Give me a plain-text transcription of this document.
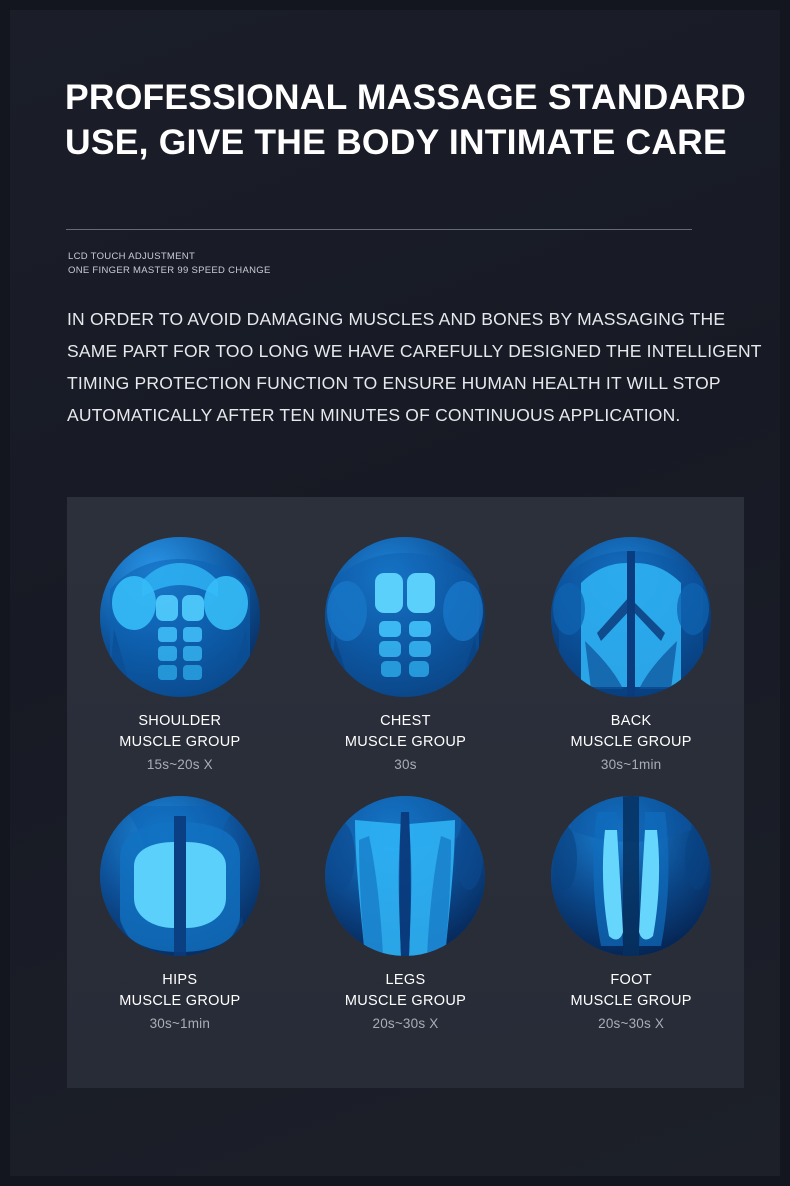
PROFESSIONAL MASSAGE STANDARD
USE, GIVE THE BODY INTIMATE CARE
LCD TOUCH ADJUSTMENT
ONE FINGER MASTER 99 SPEED CHANGE
IN ORDER TO AVOID DAMAGING MUSCLES AND BONES BY MASSAGING THE SAME PART FOR TOO LONG WE HAVE CAREFULLY DESIGNED THE INTELLIGENT TIMING PROTECTION FUNCTION TO ENSURE HUMAN HEALTH IT WILL STOP AUTOMATICALLY AFTER TEN MINUTES OF CONTINUOUS APPLICATION.
SHOULDER
MUSCLE GROUP
15s~20s X
CHEST
MUSCLE GROUP
30s
BACK
MUSCLE GROUP
30s~1min
HIPS
MUSCLE GROUP
30s~1min
LEGS
MUSCLE GROUP
20s~30s X
FOOT
MUSCLE GROUP
20s~30s X
